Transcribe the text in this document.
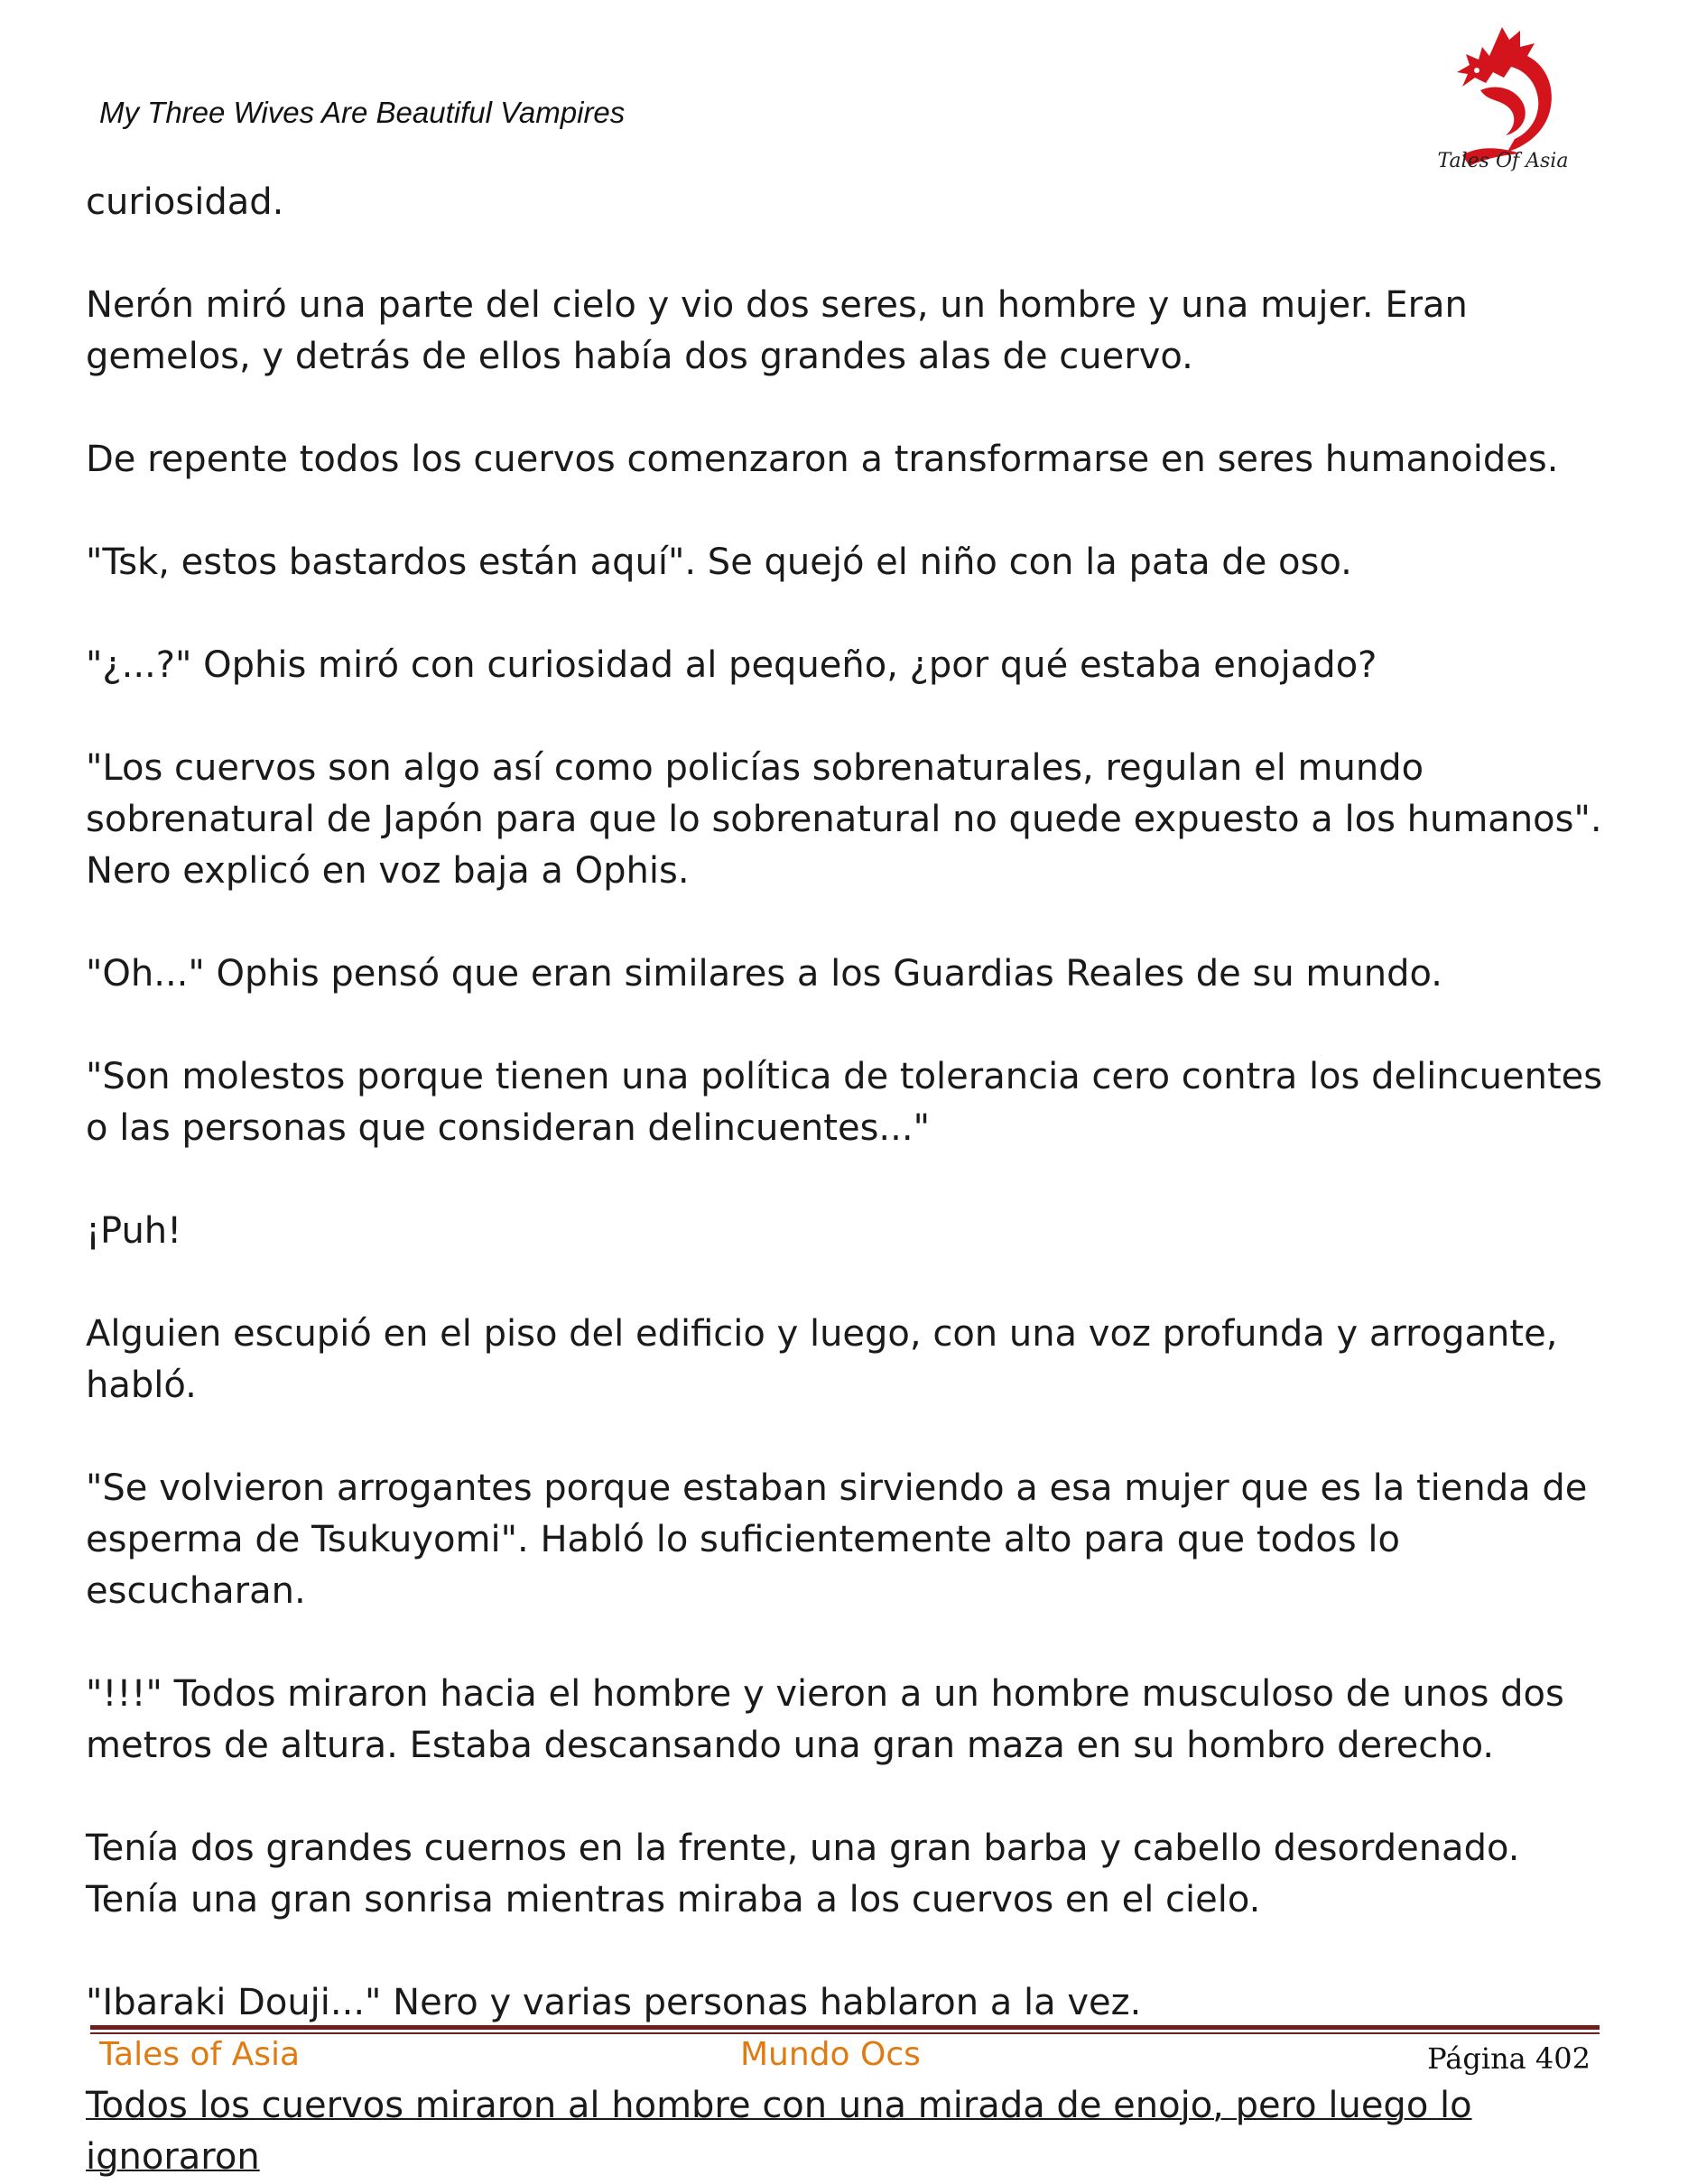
My Three Wives Are Beautiful Vampires
Tales Of Asia

curiosidad.

Nerón miró una parte del cielo y vio dos seres, un hombre y una mujer. Eran gemelos, y detrás de ellos había dos grandes alas de cuervo.

De repente todos los cuervos comenzaron a transformarse en seres humanoides.

"Tsk, estos bastardos están aquí". Se quejó el niño con la pata de oso.

"¿...?" Ophis miró con curiosidad al pequeño, ¿por qué estaba enojado?

"Los cuervos son algo así como policías sobrenaturales, regulan el mundo sobrenatural de Japón para que lo sobrenatural no quede expuesto a los humanos". Nero explicó en voz baja a Ophis.

"Oh..." Ophis pensó que eran similares a los Guardias Reales de su mundo.

"Son molestos porque tienen una política de tolerancia cero contra los delincuentes o las personas que consideran delincuentes..."

¡Puh!

Alguien escupió en el piso del edificio y luego, con una voz profunda y arrogante, habló.

"Se volvieron arrogantes porque estaban sirviendo a esa mujer que es la tienda de esperma de Tsukuyomi". Habló lo suficientemente alto para que todos lo escucharan.

"!!!" Todos miraron hacia el hombre y vieron a un hombre musculoso de unos dos metros de altura. Estaba descansando una gran maza en su hombro derecho.

Tenía dos grandes cuernos en la frente, una gran barba y cabello desordenado. Tenía una gran sonrisa mientras miraba a los cuervos en el cielo.

"Ibaraki Douji..." Nero y varias personas hablaron a la vez.

Todos los cuervos miraron al hombre con una mirada de enojo, pero luego lo ignoraron

Tales of Asia	Mundo Ocs	Página 402
